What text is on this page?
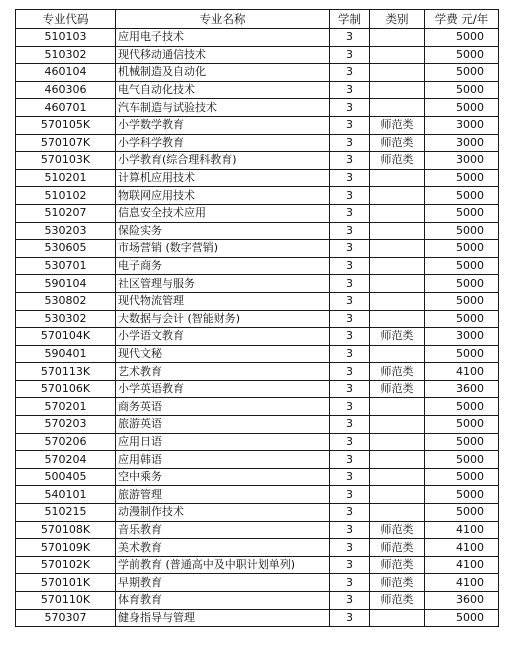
专业代码	专业名称	学制	类别	学费 元/年
510103	应用电子技术	3		5000
510302	现代移动通信技术	3		5000
460104	机械制造及自动化	3		5000
460306	电气自动化技术	3		5000
460701	汽车制造与试验技术	3		5000
570105K	小学数学教育	3	师范类	3000
570107K	小学科学教育	3	师范类	3000
570103K	小学教育(综合理科教育)	3	师范类	3000
510201	计算机应用技术	3		5000
510102	物联网应用技术	3		5000
510207	信息安全技术应用	3		5000
530203	保险实务	3		5000
530605	市场营销 (数字营销)	3		5000
530701	电子商务	3		5000
590104	社区管理与服务	3		5000
530802	现代物流管理	3		5000
530302	大数据与会计 (智能财务)	3		5000
570104K	小学语文教育	3	师范类	3000
590401	现代文秘	3		5000
570113K	艺术教育	3	师范类	4100
570106K	小学英语教育	3	师范类	3600
570201	商务英语	3		5000
570203	旅游英语	3		5000
570206	应用日语	3		5000
570204	应用韩语	3		5000
500405	空中乘务	3		5000
540101	旅游管理	3		5000
510215	动漫制作技术	3		5000
570108K	音乐教育	3	师范类	4100
570109K	美术教育	3	师范类	4100
570102K	学前教育 (普通高中及中职计划单列)	3	师范类	4100
570101K	早期教育	3	师范类	4100
570110K	体育教育	3	师范类	3600
570307	健身指导与管理	3		5000
